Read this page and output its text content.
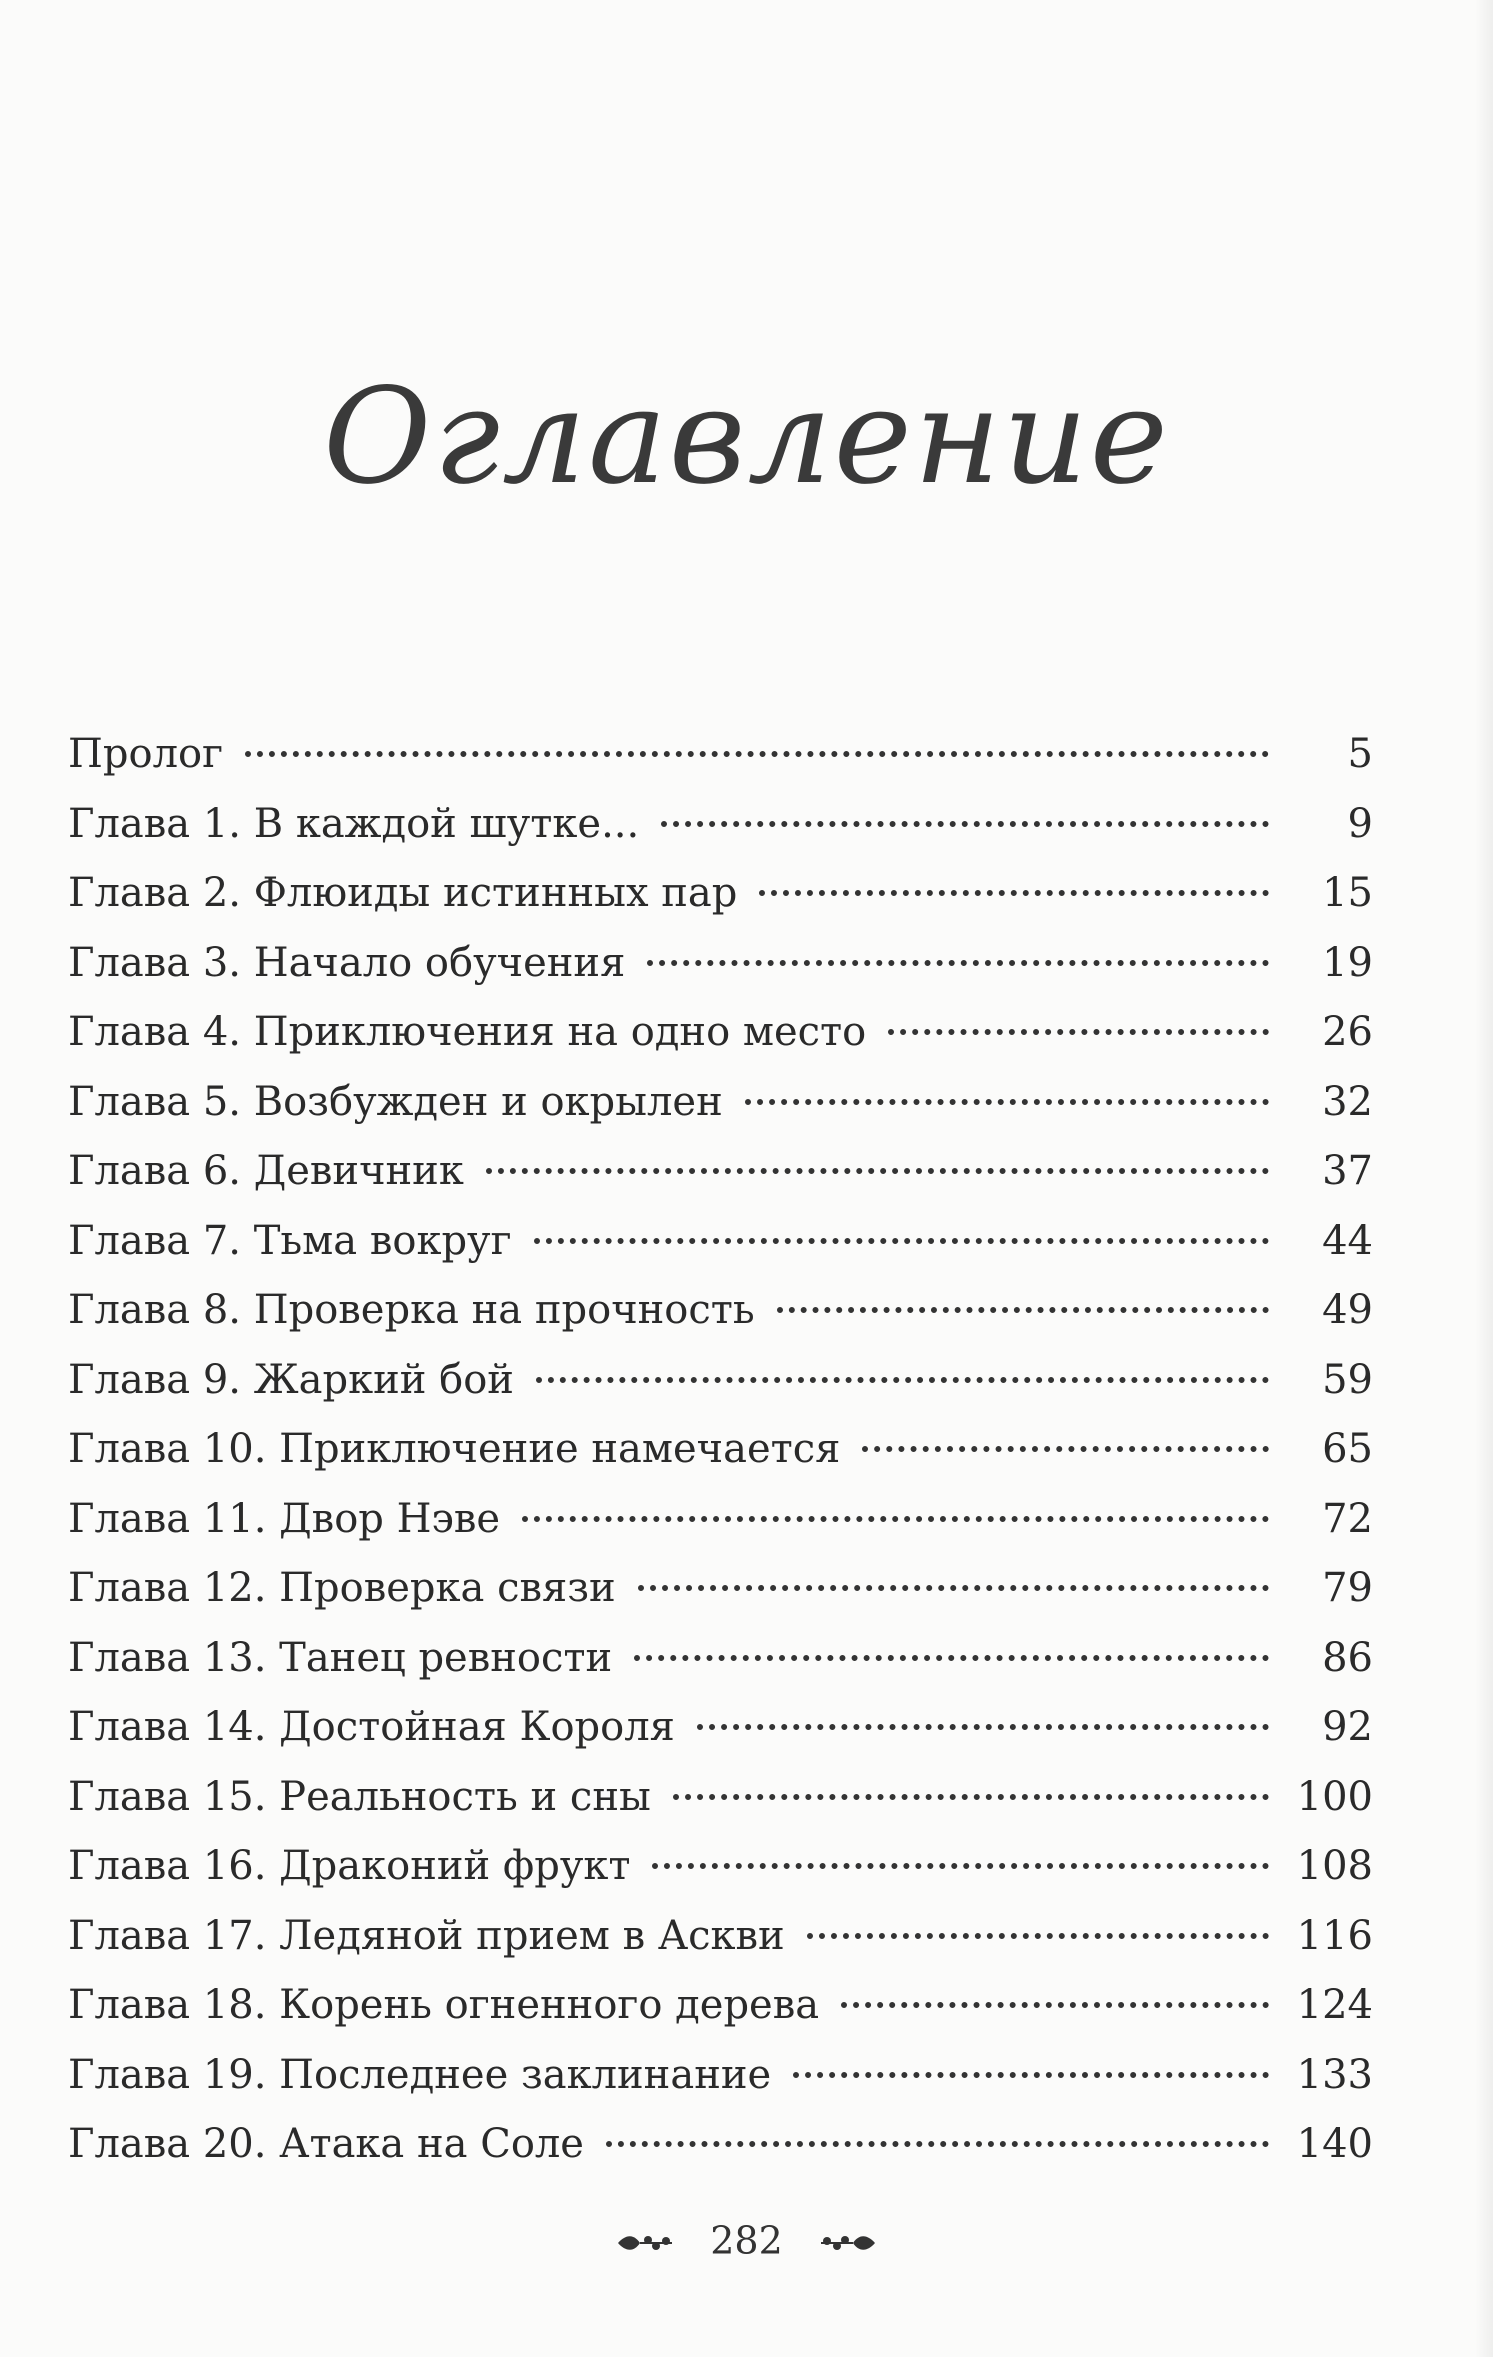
Оглавление
Пролог	5
Глава 1. В каждой шутке...	9
Глава 2. Флюиды истинных пар	15
Глава 3. Начало обучения	19
Глава 4. Приключения на одно место	26
Глава 5. Возбужден и окрылен	32
Глава 6. Девичник	37
Глава 7. Тьма вокруг	44
Глава 8. Проверка на прочность	49
Глава 9. Жаркий бой	59
Глава 10. Приключение намечается	65
Глава 11. Двор Нэве	72
Глава 12. Проверка связи	79
Глава 13. Танец ревности	86
Глава 14. Достойная Короля	92
Глава 15. Реальность и сны	100
Глава 16. Драконий фрукт	108
Глава 17. Ледяной прием в Аскви	116
Глава 18. Корень огненного дерева	124
Глава 19. Последнее заклинание	133
Глава 20. Атака на Соле	140
282
